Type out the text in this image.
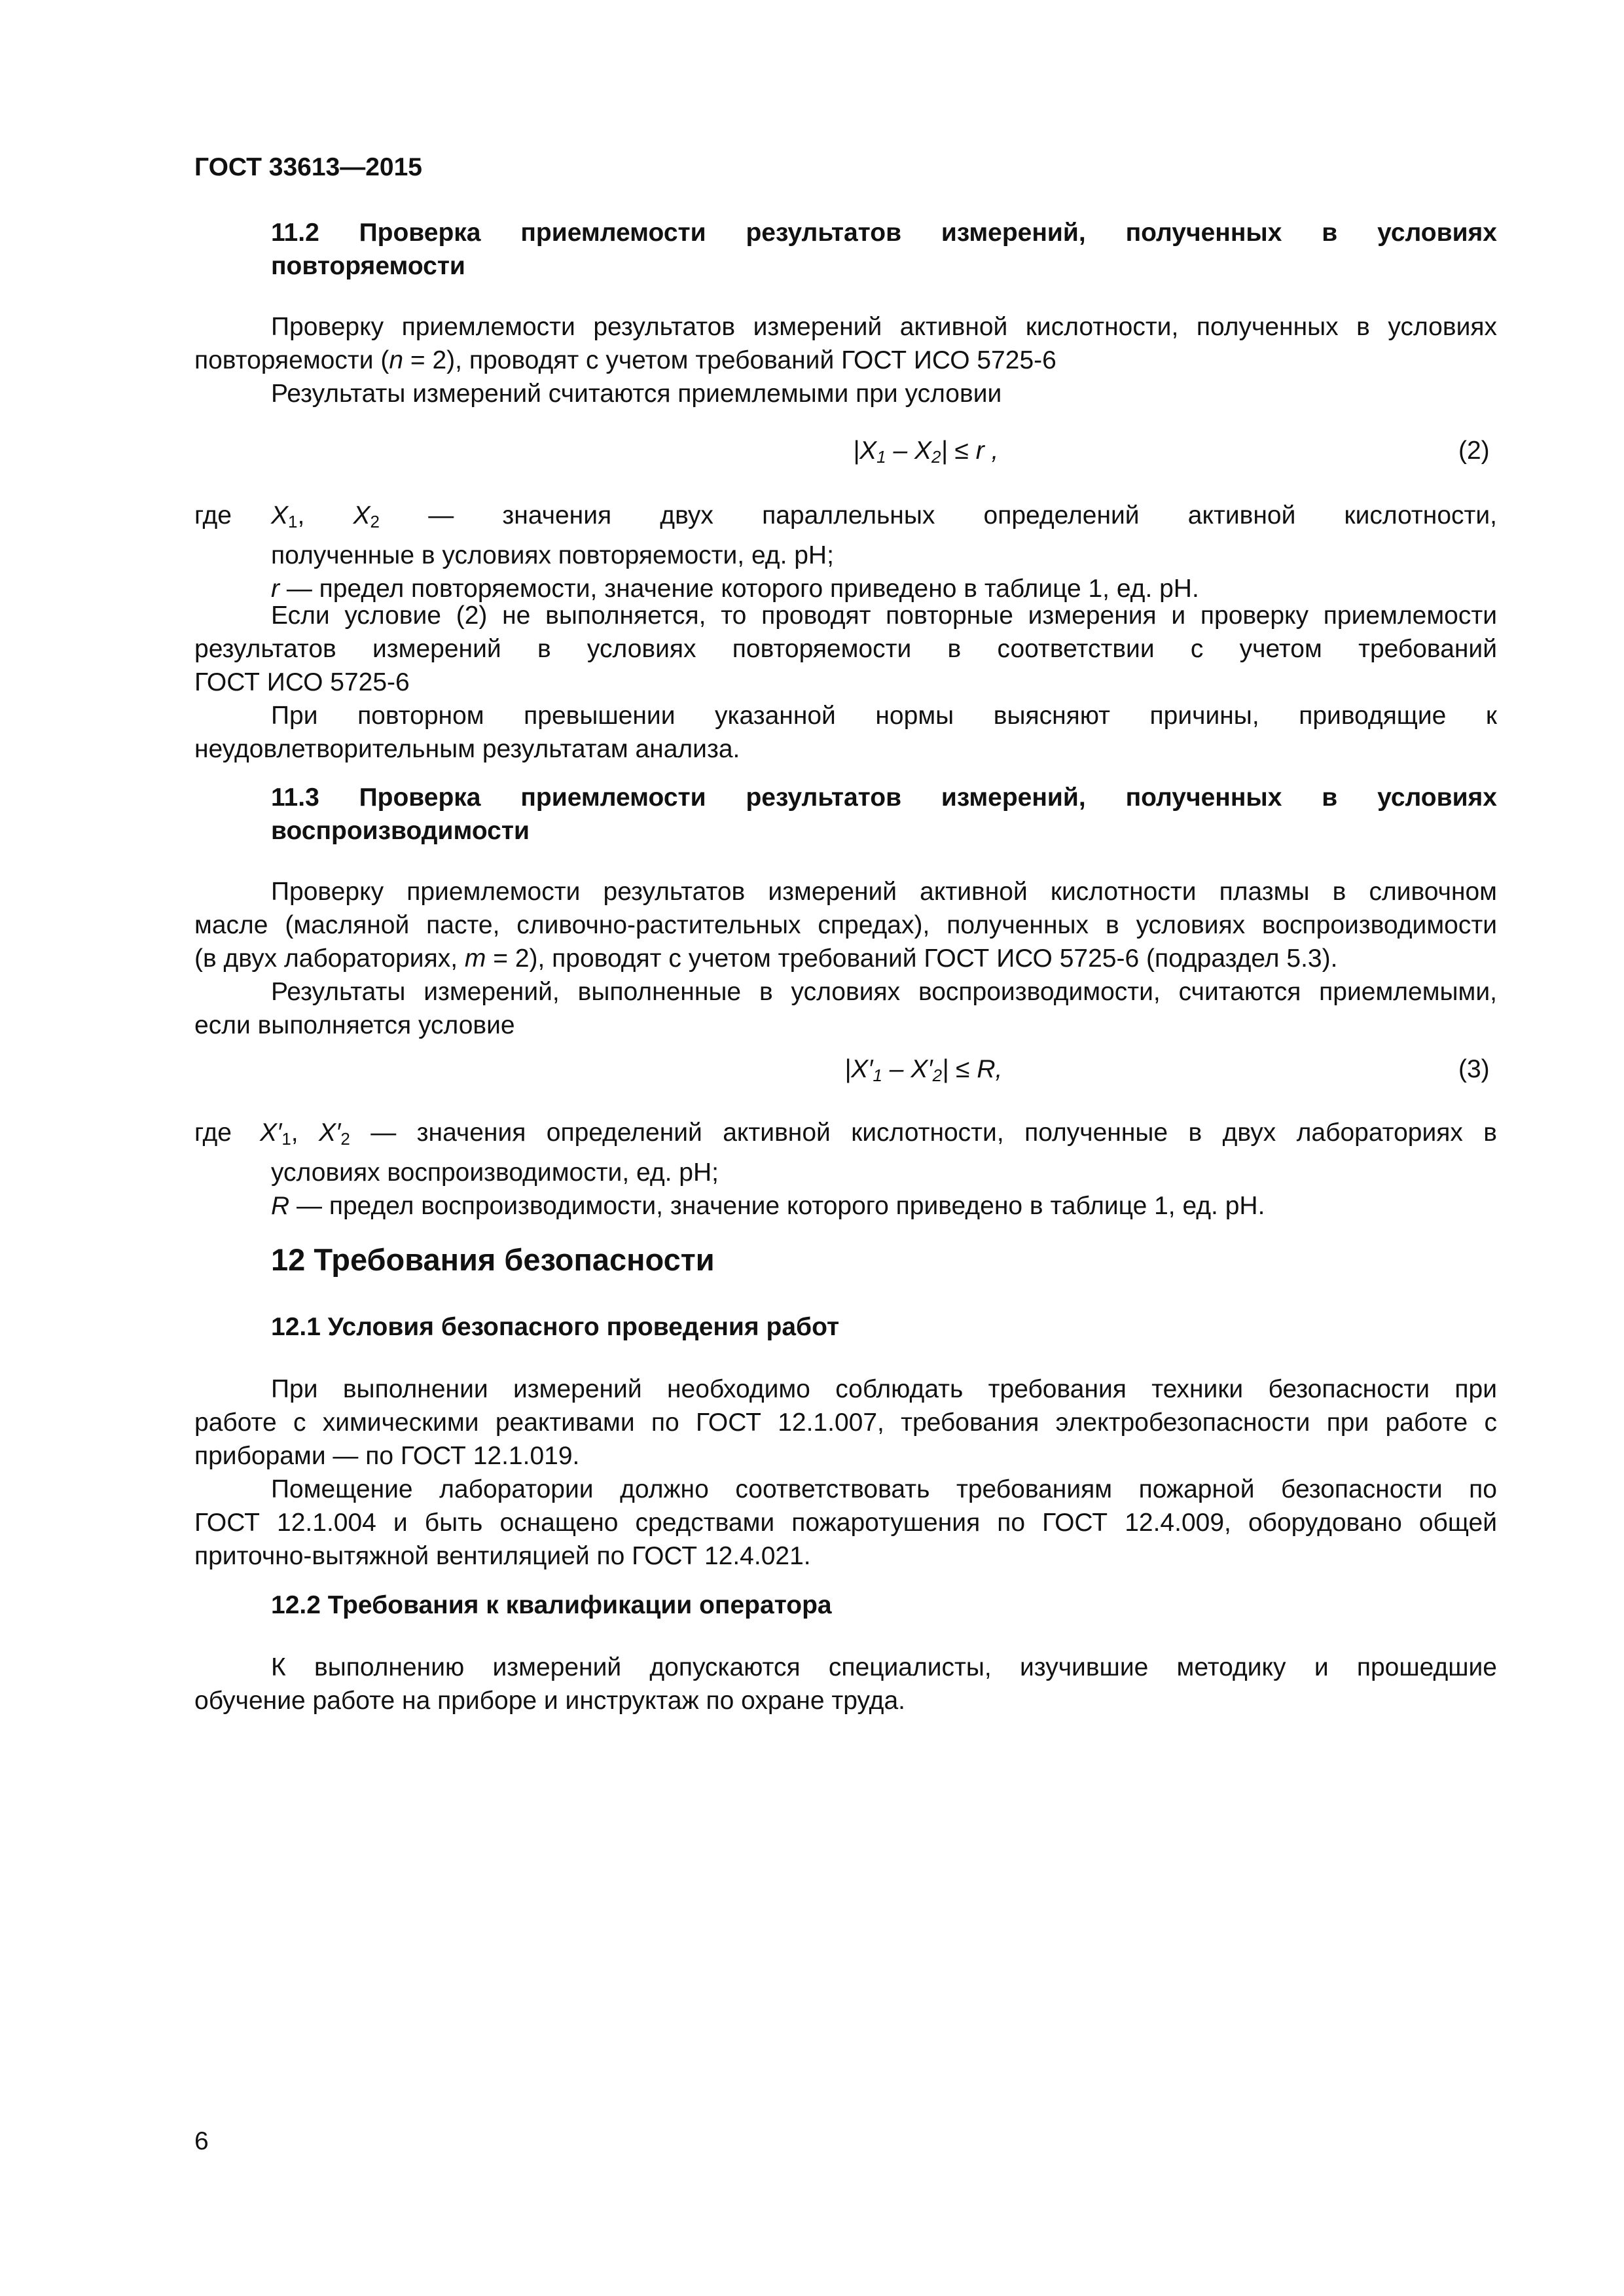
ГОСТ 33613—2015
11.2 Проверка приемлемости результатов измерений, полученных в условиях
повторяемости
Проверку приемлемости результатов измерений активной кислотности, полученных в условиях
повторяемости (n = 2), проводят с учетом требований ГОСТ ИСО 5725-6
Результаты измерений считаются приемлемыми при условии
$|X_1 - X_2| \le r$ ,	(2)
где $X_1$, $X_2$ — значения двух параллельных определений активной кислотности,
полученные в условиях повторяемости, ед. pH;
r — предел повторяемости, значение которого приведено в таблице 1, ед. pH.
Если условие (2) не выполняется, то проводят повторные измерения и проверку приемлемости
результатов измерений в условиях повторяемости в соответствии с учетом требований
ГОСТ ИСО 5725-6
При повторном превышении указанной нормы выясняют причины, приводящие к
неудовлетворительным результатам анализа.
11.3 Проверка приемлемости результатов измерений, полученных в условиях
воспроизводимости
Проверку приемлемости результатов измерений активной кислотности плазмы в сливочном
масле (масляной пасте, сливочно-растительных спредах), полученных в условиях воспроизводимости
(в двух лабораториях, m = 2), проводят с учетом требований ГОСТ ИСО 5725-6 (подраздел 5.3).
Результаты измерений, выполненные в условиях воспроизводимости, считаются приемлемыми,
если выполняется условие
$|X'_1 - X'_2| \le R$,	(3)
где $X'_1$, $X'_2$ — значения определений активной кислотности, полученные в двух лабораториях в
условиях воспроизводимости, ед. pH;
R — предел воспроизводимости, значение которого приведено в таблице 1, ед. pH.
12 Требования безопасности
12.1 Условия безопасного проведения работ
При выполнении измерений необходимо соблюдать требования техники безопасности при
работе с химическими реактивами по ГОСТ 12.1.007, требования электробезопасности при работе с
приборами — по ГОСТ 12.1.019.
Помещение лаборатории должно соответствовать требованиям пожарной безопасности по
ГОСТ 12.1.004 и быть оснащено средствами пожаротушения по ГОСТ 12.4.009, оборудовано общей
приточно-вытяжной вентиляцией по ГОСТ 12.4.021.
12.2 Требования к квалификации оператора
К выполнению измерений допускаются специалисты, изучившие методику и прошедшие
обучение работе на приборе и инструктаж по охране труда.
6
